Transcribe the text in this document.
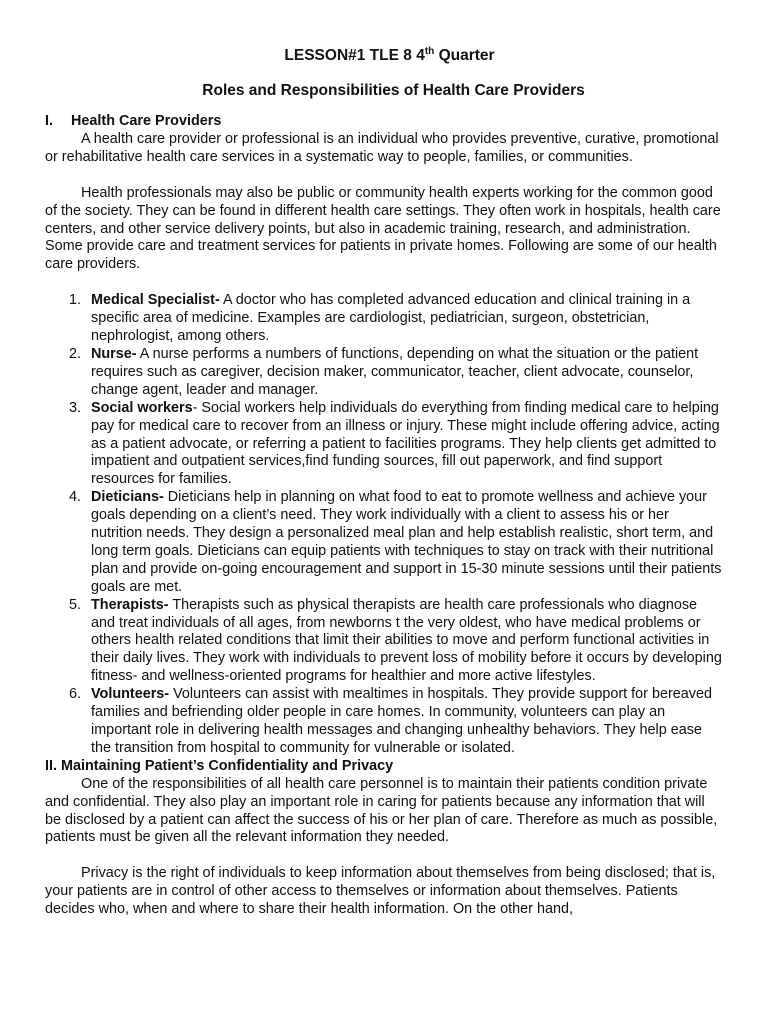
LESSON#1 TLE 8 4th Quarter
Roles and Responsibilities of Health Care Providers
I. Health Care Providers

A health care provider or professional is an individual who provides preventive, curative, promotional or rehabilitative health care services in a systematic way to people, families, or communities.

Health professionals may also be public or community health experts working for the common good of the society. They can be found in different health care settings. They often work in hospitals, health care centers, and other service delivery points, but also in academic training, research, and administration. Some provide care and treatment services for patients in private homes. Following are some of our health care providers.

1. Medical Specialist- A doctor who has completed advanced education and clinical training in a specific area of medicine. Examples are cardiologist, pediatrician, surgeon, obstetrician, nephrologist, among others.
2. Nurse- A nurse performs a numbers of functions, depending on what the situation or the patient requires such as caregiver, decision maker, communicator, teacher, client advocate, counselor, change agent, leader and manager.
3. Social workers- Social workers help individuals do everything from finding medical care to helping pay for medical care to recover from an illness or injury. These might include offering advice, acting as a patient advocate, or referring a patient to facilities programs. They help clients get admitted to impatient and outpatient services,find funding sources, fill out paperwork, and find support resources for families.
4. Dieticians- Dieticians help in planning on what food to eat to promote wellness and achieve your goals depending on a client’s need. They work individually with a client to assess his or her nutrition needs. They design a personalized meal plan and help establish realistic, short term, and long term goals. Dieticians can equip patients with techniques to stay on track with their nutritional plan and provide on-going encouragement and support in 15-30 minute sessions until their patients goals are met.
5. Therapists- Therapists such as physical therapists are health care professionals who diagnose and treat individuals of all ages, from newborns t the very oldest, who have medical problems or others health related conditions that limit their abilities to move and perform functional activities in their daily lives. They work with individuals to prevent loss of mobility before it occurs by developing fitness- and wellness-oriented programs for healthier and more active lifestyles.
6. Volunteers- Volunteers can assist with mealtimes in hospitals. They provide support for bereaved families and befriending older people in care homes. In community, volunteers can play an important role in delivering health messages and changing unhealthy behaviors. They help ease the transition from hospital to community for vulnerable or isolated.
II. Maintaining Patient’s Confidentiality and Privacy

One of the responsibilities of all health care personnel is to maintain their patients condition private and confidential. They also play an important role in caring for patients because any information that will be disclosed by a patient can affect the success of his or her plan of care. Therefore as much as possible, patients must be given all the relevant information they needed.

Privacy is the right of individuals to keep information about themselves from being disclosed; that is, your patients are in control of other access to themselves or information about themselves. Patients decides who, when and where to share their health information. On the other hand,
